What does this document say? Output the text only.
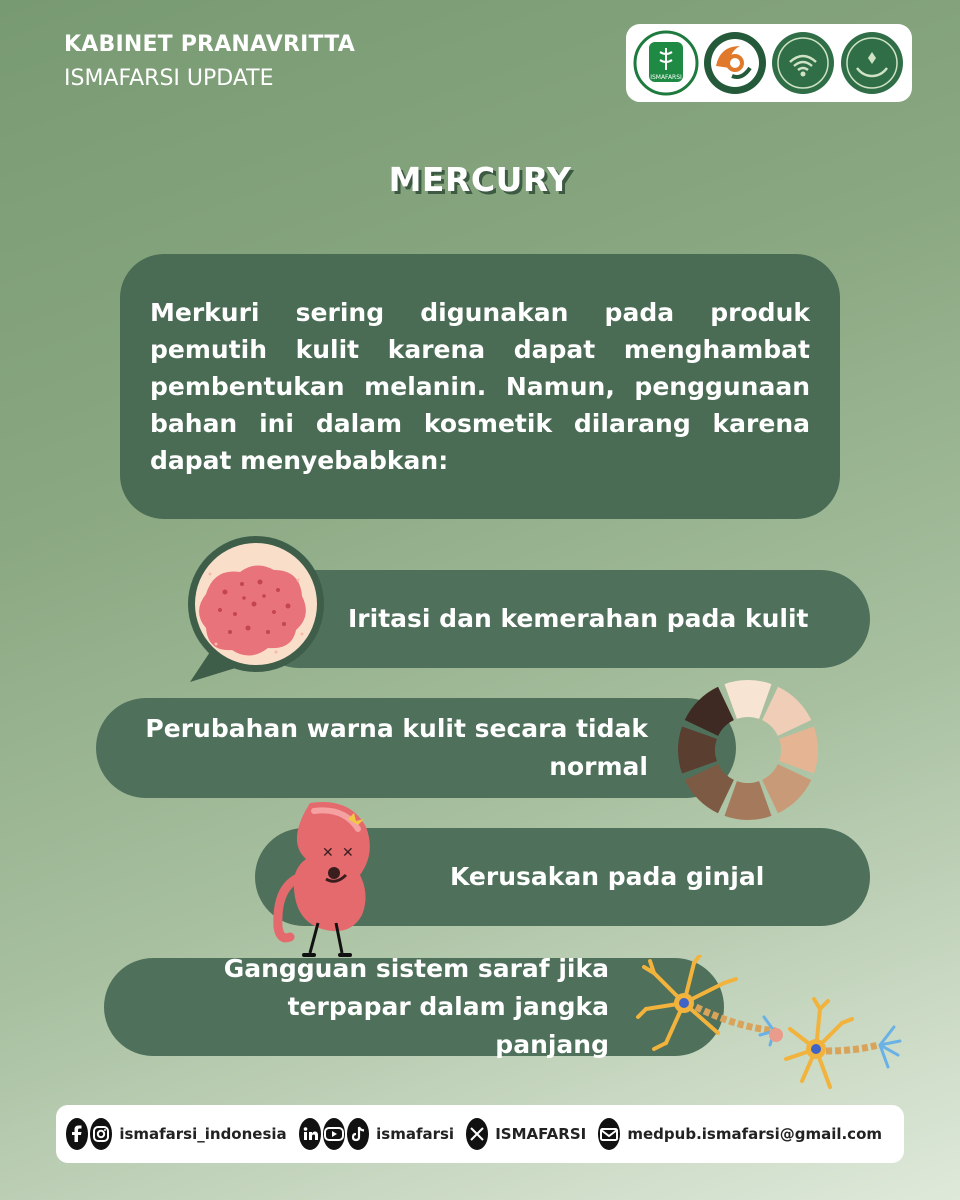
KABINET PRANAVRITTA
ISMAFARSI UPDATE	ISMAFARSI
MERCURY

Merkuri sering digunakan pada produk pemutih kulit karena dapat menghambat pembentukan melanin. Namun, penggunaan bahan ini dalam kosmetik dilarang karena dapat menyebabkan:

Iritasi dan kemerahan pada kulit
Perubahan warna kulit secara tidak normal
Kerusakan pada ginjal
Gangguan sistem saraf jika terpapar dalam jangka panjang
✕ ✕
ismafarsi_indonesia	ismafarsi	ISMAFARSI	medpub.ismafarsi@gmail.com
